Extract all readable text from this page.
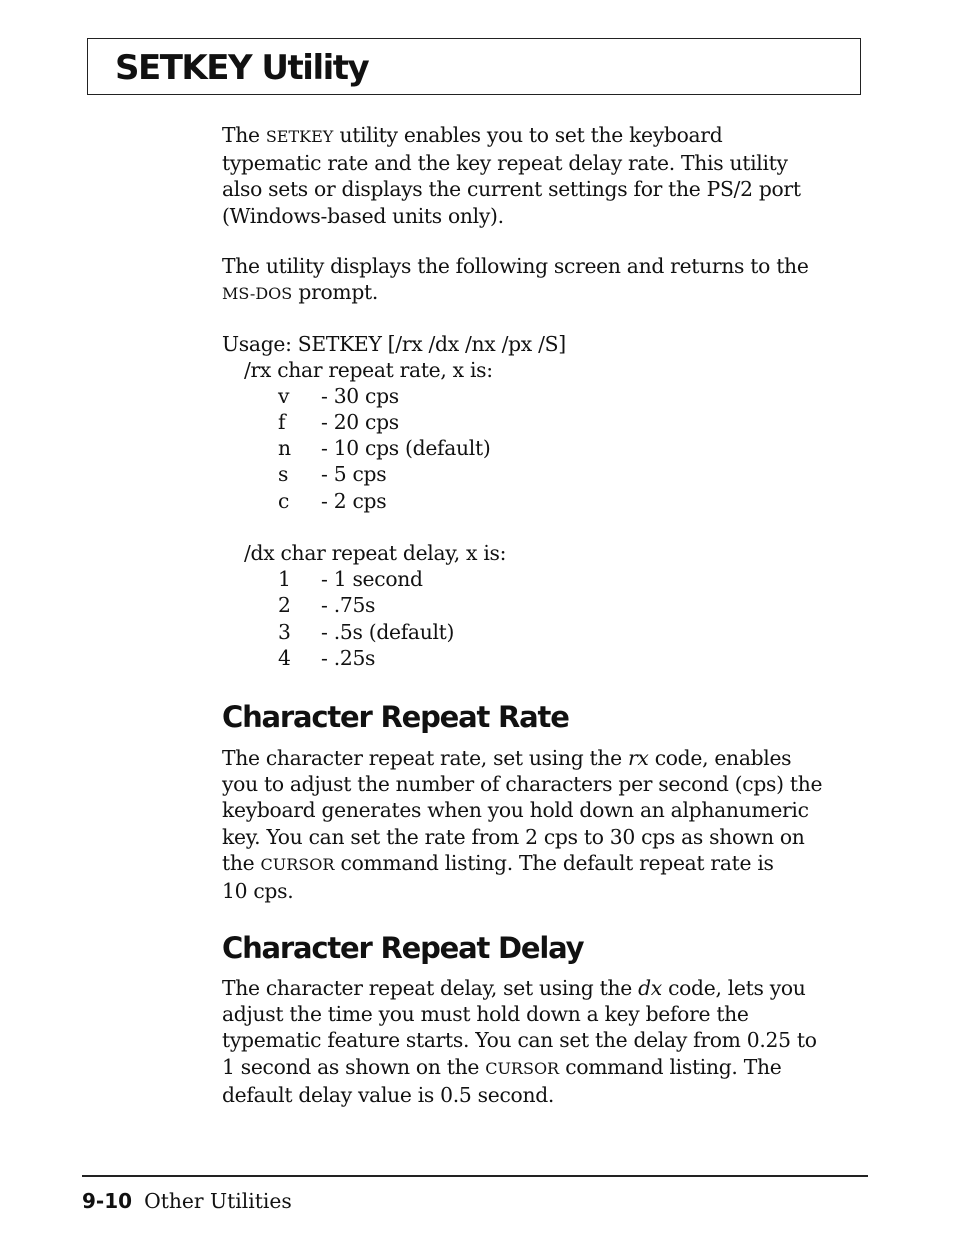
SETKEY Utility

The SETKEY utility enables you to set the keyboard

typematic rate and the key repeat delay rate. This utility

also sets or displays the current settings for the PS/2 port

(Windows-based units only).

The utility displays the following screen and returns to the

MS-DOS prompt.

Usage: SETKEY [/rx /dx /nx /px /S]
/rx char repeat rate, x is:
v - 30 cps
f - 20 cps
n - 10 cps (default)
s - 5 cps
c - 2 cps
/dx char repeat delay, x is:
1 - 1 second
2 - .75s
3 - .5s (default)
4 - .25s
Character Repeat Rate

The character repeat rate, set using the rx code, enables

you to adjust the number of characters per second (cps) the

keyboard generates when you hold down an alphanumeric

key. You can set the rate from 2 cps to 30 cps as shown on

the CURSOR command listing. The default repeat rate is

10 cps.

Character Repeat Delay

The character repeat delay, set using the dx code, lets you

adjust the time you must hold down a key before the

typematic feature starts. You can set the delay from 0.25 to

1 second as shown on the CURSOR command listing. The

default delay value is 0.5 second.

9-10 Other Utilities
